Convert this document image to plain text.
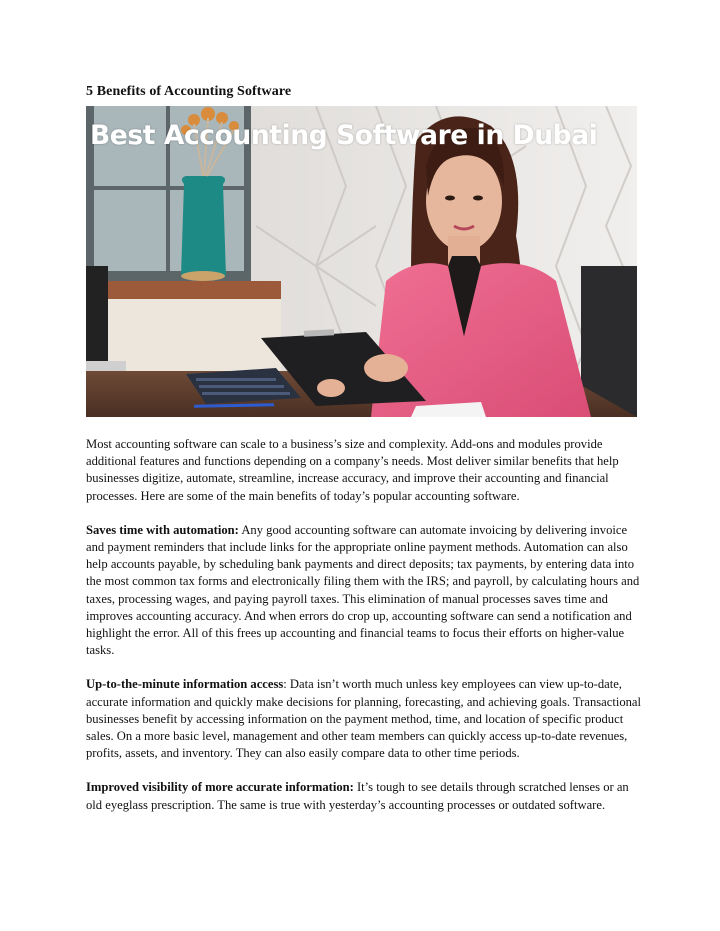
5 Benefits of Accounting Software
Best Accounting Software in Dubai

Most accounting software can scale to a business’s size and complexity. Add-ons and modules provide additional features and functions depending on a company’s needs. Most deliver similar benefits that help businesses digitize, automate, streamline, increase accuracy, and improve their accounting and financial processes. Here are some of the main benefits of today’s popular accounting software.

Saves time with automation: Any good accounting software can automate invoicing by delivering invoice and payment reminders that include links for the appropriate online payment methods. Automation can also help accounts payable, by scheduling bank payments and direct deposits; tax payments, by entering data into the most common tax forms and electronically filing them with the IRS; and payroll, by calculating hours and taxes, processing wages, and paying payroll taxes. This elimination of manual processes saves time and improves accounting accuracy. And when errors do crop up, accounting software can send a notification and highlight the error. All of this frees up accounting and financial teams to focus their efforts on higher-value tasks.

Up-to-the-minute information access: Data isn’t worth much unless key employees can view up-to-date, accurate information and quickly make decisions for planning, forecasting, and achieving goals. Transactional businesses benefit by accessing information on the payment method, time, and location of specific product sales. On a more basic level, management and other team members can quickly access up-to-date revenues, profits, assets, and inventory. They can also easily compare data to other time periods.

Improved visibility of more accurate information: It’s tough to see details through scratched lenses or an old eyeglass prescription. The same is true with yesterday’s accounting processes or outdated software.
